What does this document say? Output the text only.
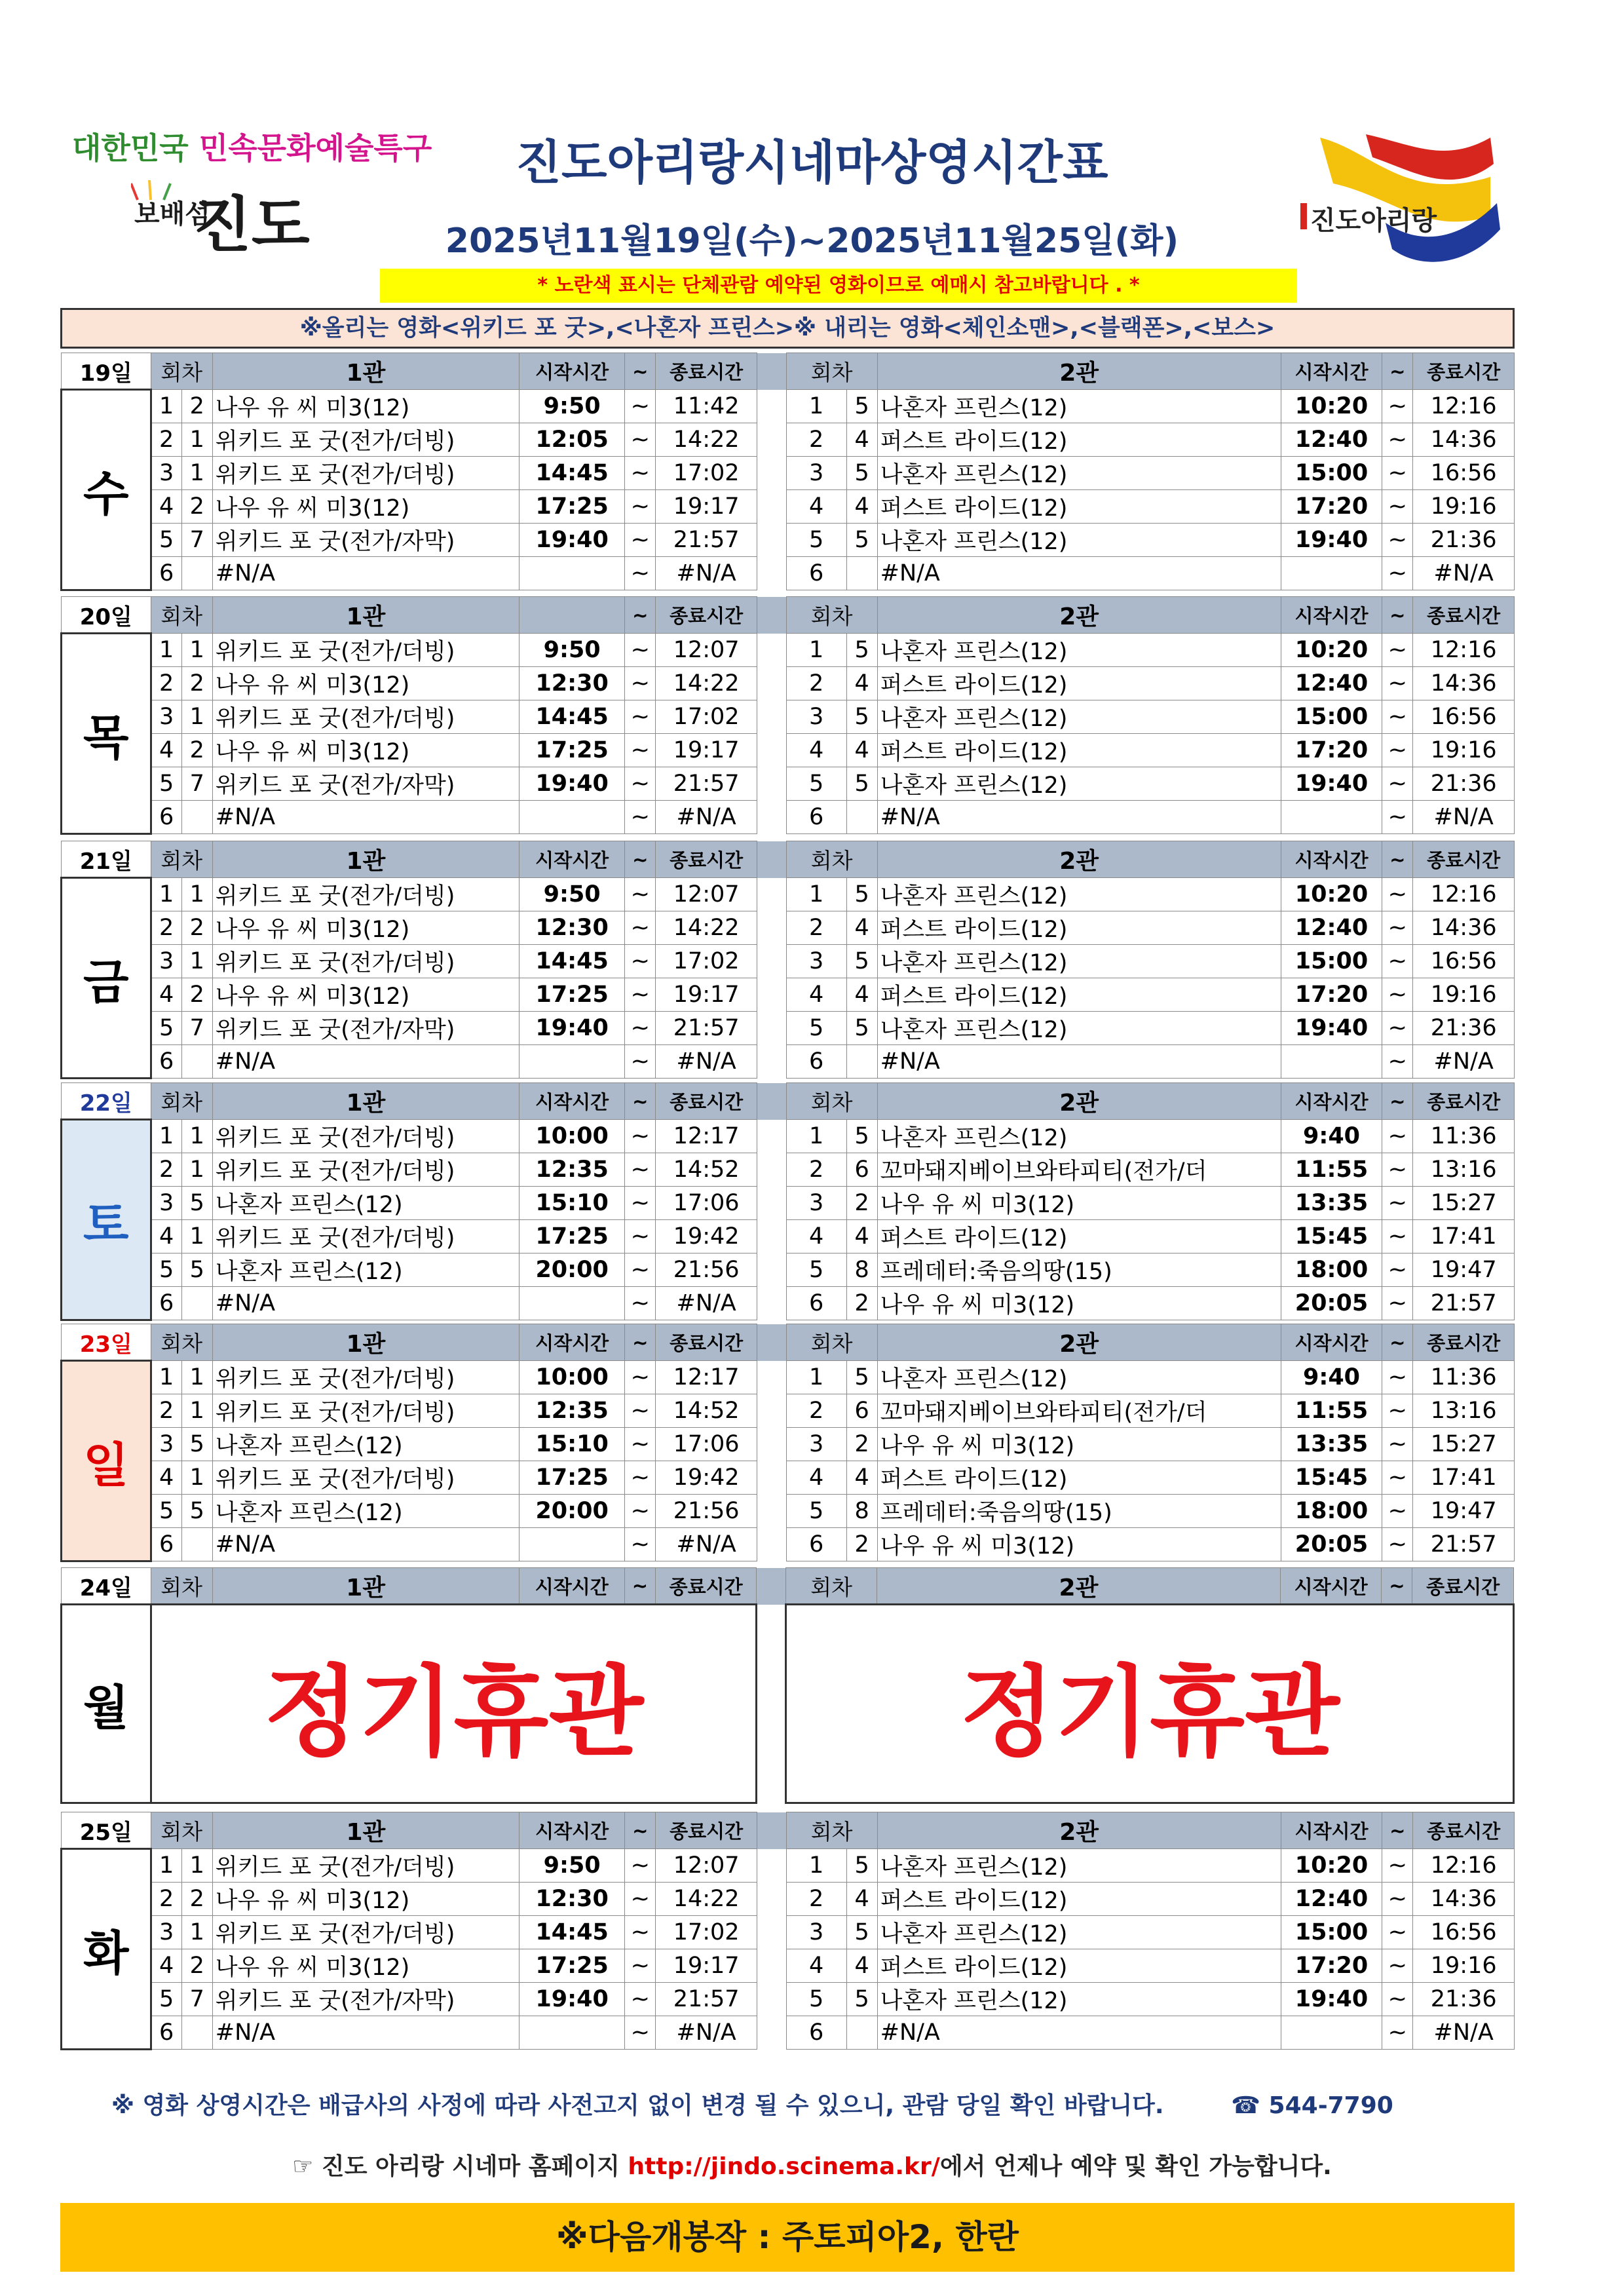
대한민국 민속문화예술특구
보배섬
진도	진도아리랑
진도아리랑시네마상영시간표
2025년11월19일(수)~2025년11월25일(화)
* 노란색 표시는 단체관람 예약된 영화이므로 예매시 참고바랍니다 . *
※올리는 영화<위키드 포 굿>,<나혼자 프린스>※ 내리는 영화<체인소맨>,<블랙폰>,<보스>
19일	회차		1관	시작시간	~	종료시간		회차		2관	시작시간	~	종료시간
수	1	2	나우 유 씨 미3(12)	9:50	~	11:42		1	5	나혼자 프린스(12)	10:20	~	12:16
	2	1	위키드 포 굿(전가/더빙)	12:05	~	14:22		2	4	퍼스트 라이드(12)	12:40	~	14:36
	3	1	위키드 포 굿(전가/더빙)	14:45	~	17:02		3	5	나혼자 프린스(12)	15:00	~	16:56
	4	2	나우 유 씨 미3(12)	17:25	~	19:17		4	4	퍼스트 라이드(12)	17:20	~	19:16
	5	7	위키드 포 굿(전가/자막)	19:40	~	21:57		5	5	나혼자 프린스(12)	19:40	~	21:36
	6		#N/A		~	#N/A		6		#N/A		~	#N/A
20일	회차		1관		~	종료시간		회차		2관	시작시간	~	종료시간
목	1	1	위키드 포 굿(전가/더빙)	9:50	~	12:07		1	5	나혼자 프린스(12)	10:20	~	12:16
	2	2	나우 유 씨 미3(12)	12:30	~	14:22		2	4	퍼스트 라이드(12)	12:40	~	14:36
	3	1	위키드 포 굿(전가/더빙)	14:45	~	17:02		3	5	나혼자 프린스(12)	15:00	~	16:56
	4	2	나우 유 씨 미3(12)	17:25	~	19:17		4	4	퍼스트 라이드(12)	17:20	~	19:16
	5	7	위키드 포 굿(전가/자막)	19:40	~	21:57		5	5	나혼자 프린스(12)	19:40	~	21:36
	6		#N/A		~	#N/A		6		#N/A		~	#N/A
21일	회차		1관	시작시간	~	종료시간		회차		2관	시작시간	~	종료시간
금	1	1	위키드 포 굿(전가/더빙)	9:50	~	12:07		1	5	나혼자 프린스(12)	10:20	~	12:16
	2	2	나우 유 씨 미3(12)	12:30	~	14:22		2	4	퍼스트 라이드(12)	12:40	~	14:36
	3	1	위키드 포 굿(전가/더빙)	14:45	~	17:02		3	5	나혼자 프린스(12)	15:00	~	16:56
	4	2	나우 유 씨 미3(12)	17:25	~	19:17		4	4	퍼스트 라이드(12)	17:20	~	19:16
	5	7	위키드 포 굿(전가/자막)	19:40	~	21:57		5	5	나혼자 프린스(12)	19:40	~	21:36
	6		#N/A		~	#N/A		6		#N/A		~	#N/A
22일	회차		1관	시작시간	~	종료시간		회차		2관	시작시간	~	종료시간
토	1	1	위키드 포 굿(전가/더빙)	10:00	~	12:17		1	5	나혼자 프린스(12)	9:40	~	11:36
	2	1	위키드 포 굿(전가/더빙)	12:35	~	14:52		2	6	꼬마돼지베이브와타피티(전가/더	11:55	~	13:16
	3	5	나혼자 프린스(12)	15:10	~	17:06		3	2	나우 유 씨 미3(12)	13:35	~	15:27
	4	1	위키드 포 굿(전가/더빙)	17:25	~	19:42		4	4	퍼스트 라이드(12)	15:45	~	17:41
	5	5	나혼자 프린스(12)	20:00	~	21:56		5	8	프레데터:죽음의땅(15)	18:00	~	19:47
	6		#N/A		~	#N/A		6	2	나우 유 씨 미3(12)	20:05	~	21:57
23일	회차		1관	시작시간	~	종료시간		회차		2관	시작시간	~	종료시간
일	1	1	위키드 포 굿(전가/더빙)	10:00	~	12:17		1	5	나혼자 프린스(12)	9:40	~	11:36
	2	1	위키드 포 굿(전가/더빙)	12:35	~	14:52		2	6	꼬마돼지베이브와타피티(전가/더	11:55	~	13:16
	3	5	나혼자 프린스(12)	15:10	~	17:06		3	2	나우 유 씨 미3(12)	13:35	~	15:27
	4	1	위키드 포 굿(전가/더빙)	17:25	~	19:42		4	4	퍼스트 라이드(12)	15:45	~	17:41
	5	5	나혼자 프린스(12)	20:00	~	21:56		5	8	프레데터:죽음의땅(15)	18:00	~	19:47
	6		#N/A		~	#N/A		6	2	나우 유 씨 미3(12)	20:05	~	21:57
24일	회차	1관	시작시간	~	종료시간		회차	2관	시작시간	~	종료시간
월	정기휴관						정기휴관				
25일	회차		1관	시작시간	~	종료시간		회차		2관	시작시간	~	종료시간
화	1	1	위키드 포 굿(전가/더빙)	9:50	~	12:07		1	5	나혼자 프린스(12)	10:20	~	12:16
	2	2	나우 유 씨 미3(12)	12:30	~	14:22		2	4	퍼스트 라이드(12)	12:40	~	14:36
	3	1	위키드 포 굿(전가/더빙)	14:45	~	17:02		3	5	나혼자 프린스(12)	15:00	~	16:56
	4	2	나우 유 씨 미3(12)	17:25	~	19:17		4	4	퍼스트 라이드(12)	17:20	~	19:16
	5	7	위키드 포 굿(전가/자막)	19:40	~	21:57		5	5	나혼자 프린스(12)	19:40	~	21:36
	6		#N/A		~	#N/A		6		#N/A		~	#N/A
※ 영화 상영시간은 배급사의 사정에 따라 사전고지 없이 변경 될 수 있으니, 관람 당일 확인 바랍니다.	☎ 544-7790
☞ 진도 아리랑 시네마 홈페이지 http://jindo.scinema.kr/에서 언제나 예약 및 확인 가능합니다.
※다음개봉작 : 주토피아2, 한란
